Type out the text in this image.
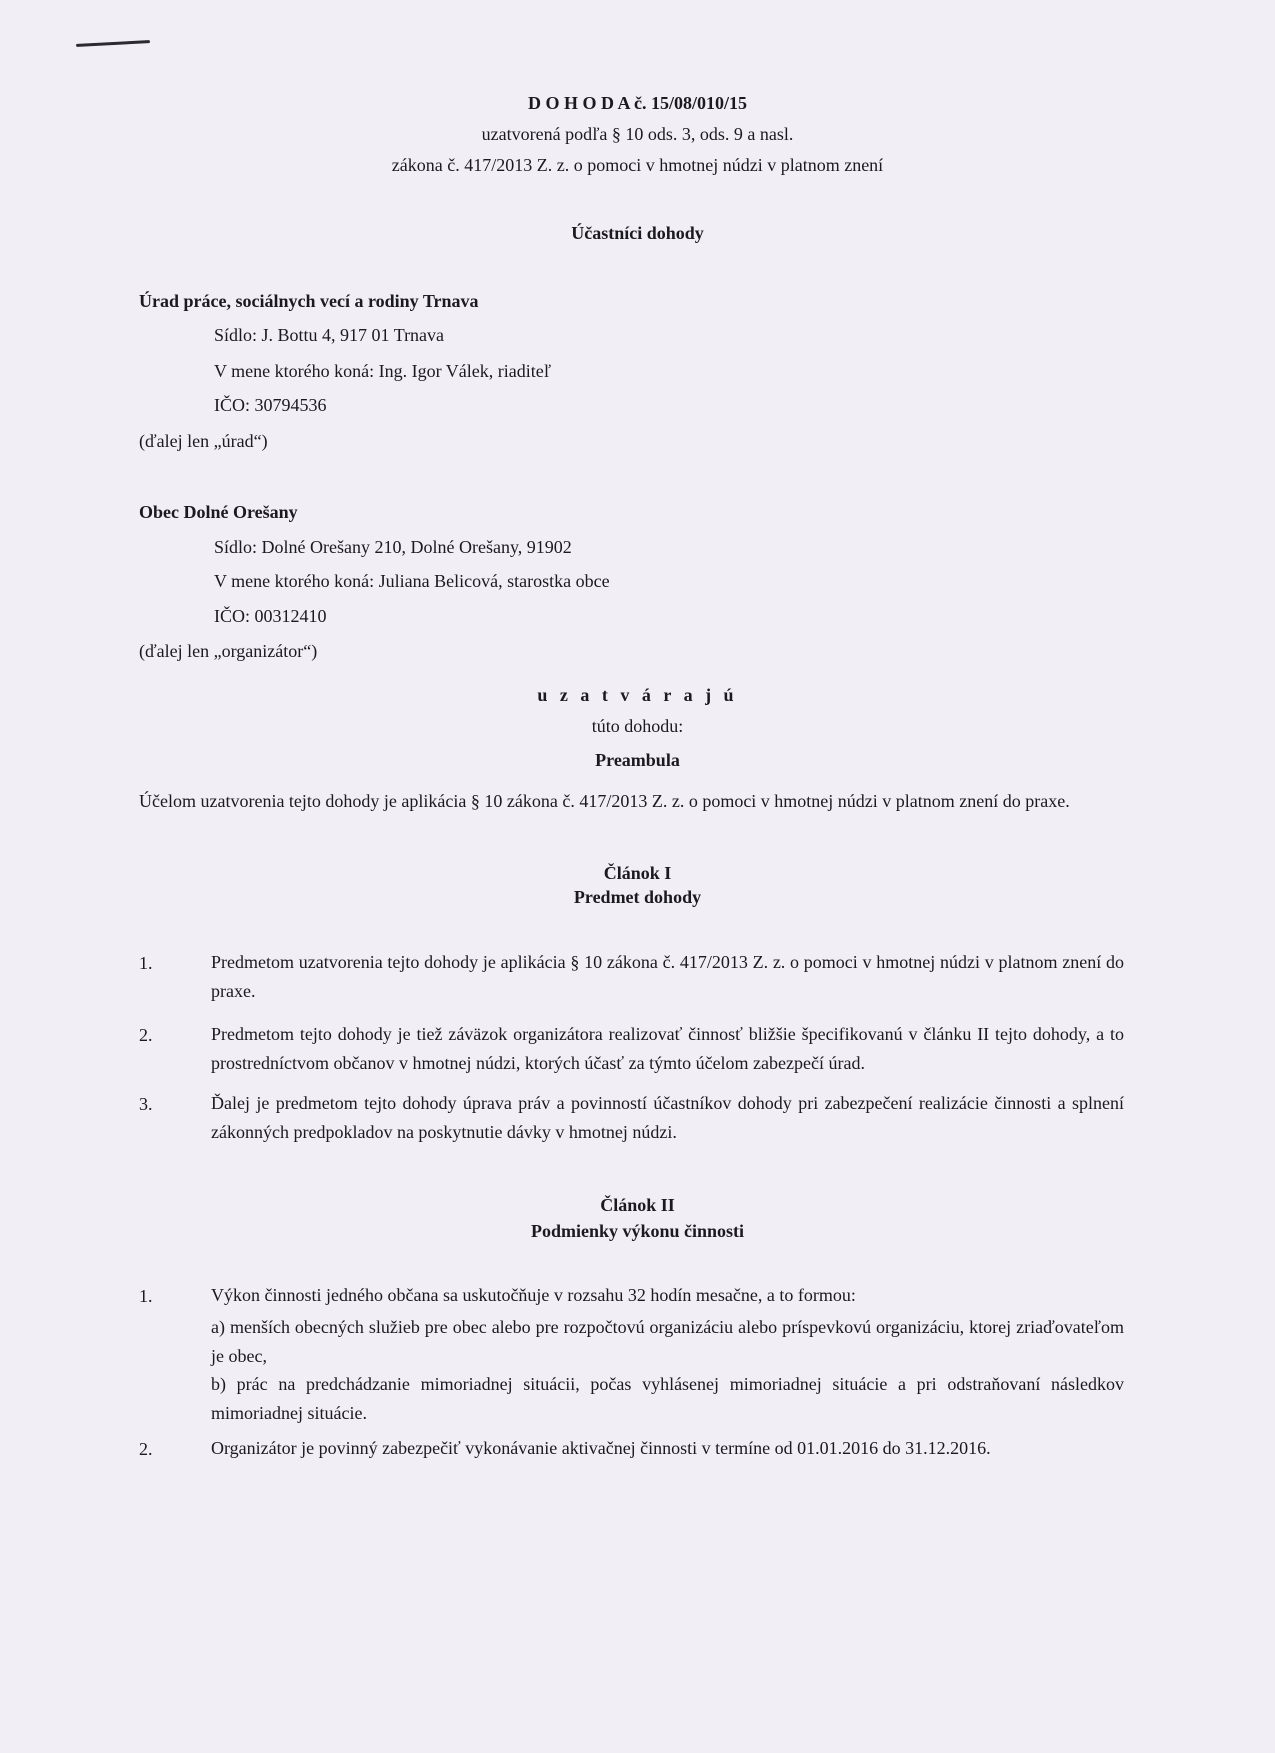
D O H O D A č. 15/08/010/15
uzatvorená podľa § 10 ods. 3, ods. 9 a nasl.
zákona č. 417/2013 Z. z. o pomoci v hmotnej núdzi v platnom znení
Účastníci dohody
Úrad práce, sociálnych vecí a rodiny Trnava
Sídlo: J. Bottu 4, 917 01 Trnava
V mene ktorého koná: Ing. Igor Válek, riaditeľ
IČO: 30794536
(ďalej len „úrad“)
Obec Dolné Orešany
Sídlo: Dolné Orešany 210, Dolné Orešany, 91902
V mene ktorého koná: Juliana Belicová, starostka obce
IČO: 00312410
(ďalej len „organizátor“)
u z a t v á r a j ú
túto dohodu:
Preambula
Účelom uzatvorenia tejto dohody je aplikácia § 10 zákona č. 417/2013 Z. z. o pomoci v hmotnej núdzi v platnom znení do praxe.
Článok I
Predmet dohody
1.	Predmetom uzatvorenia tejto dohody je aplikácia § 10 zákona č. 417/2013 Z. z. o pomoci v hmotnej núdzi v platnom znení do praxe.
2.	Predmetom tejto dohody je tiež záväzok organizátora realizovať činnosť bližšie špecifikovanú v článku II tejto dohody, a to prostredníctvom občanov v hmotnej núdzi, ktorých účasť za týmto účelom zabezpečí úrad.
3.	Ďalej je predmetom tejto dohody úprava práv a povinností účastníkov dohody pri zabezpečení realizácie činnosti a splnení zákonných predpokladov na poskytnutie dávky v hmotnej núdzi.
Článok II
Podmienky výkonu činnosti
1.	Výkon činnosti jedného občana sa uskutočňuje v rozsahu 32 hodín mesačne, a to formou:
a) menších obecných služieb pre obec alebo pre rozpočtovú organizáciu alebo príspevkovú organizáciu, ktorej zriaďovateľom je obec,
b) prác na predchádzanie mimoriadnej situácii, počas vyhlásenej mimoriadnej situácie a pri odstraňovaní následkov mimoriadnej situácie.
2.	Organizátor je povinný zabezpečiť vykonávanie aktivačnej činnosti v termíne od 01.01.2016 do 31.12.2016.
